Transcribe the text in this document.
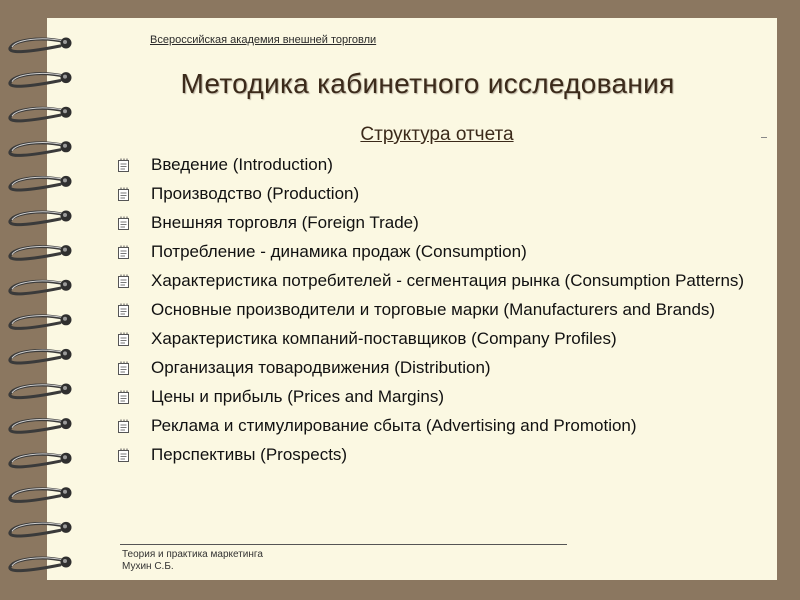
Всероссийская академия внешней торговли
Методика кабинетного исследования
Структура отчета
Введение (Introduction)
Производство (Production)
Внешняя торговля (Foreign Trade)
Потребление - динамика продаж (Consumption)
Характеристика потребителей - сегментация рынка (Consumption Patterns)
Основные производители и торговые марки (Manufacturers and Brands)
Характеристика компаний-поставщиков (Company Profiles)
Организация товародвижения (Distribution)
Цены и прибыль (Prices and Margins)
Реклама и стимулирование сбыта (Advertising and Promotion)
Перспективы (Prospects)
Теория и практика маркетинга
Мухин С.Б.
